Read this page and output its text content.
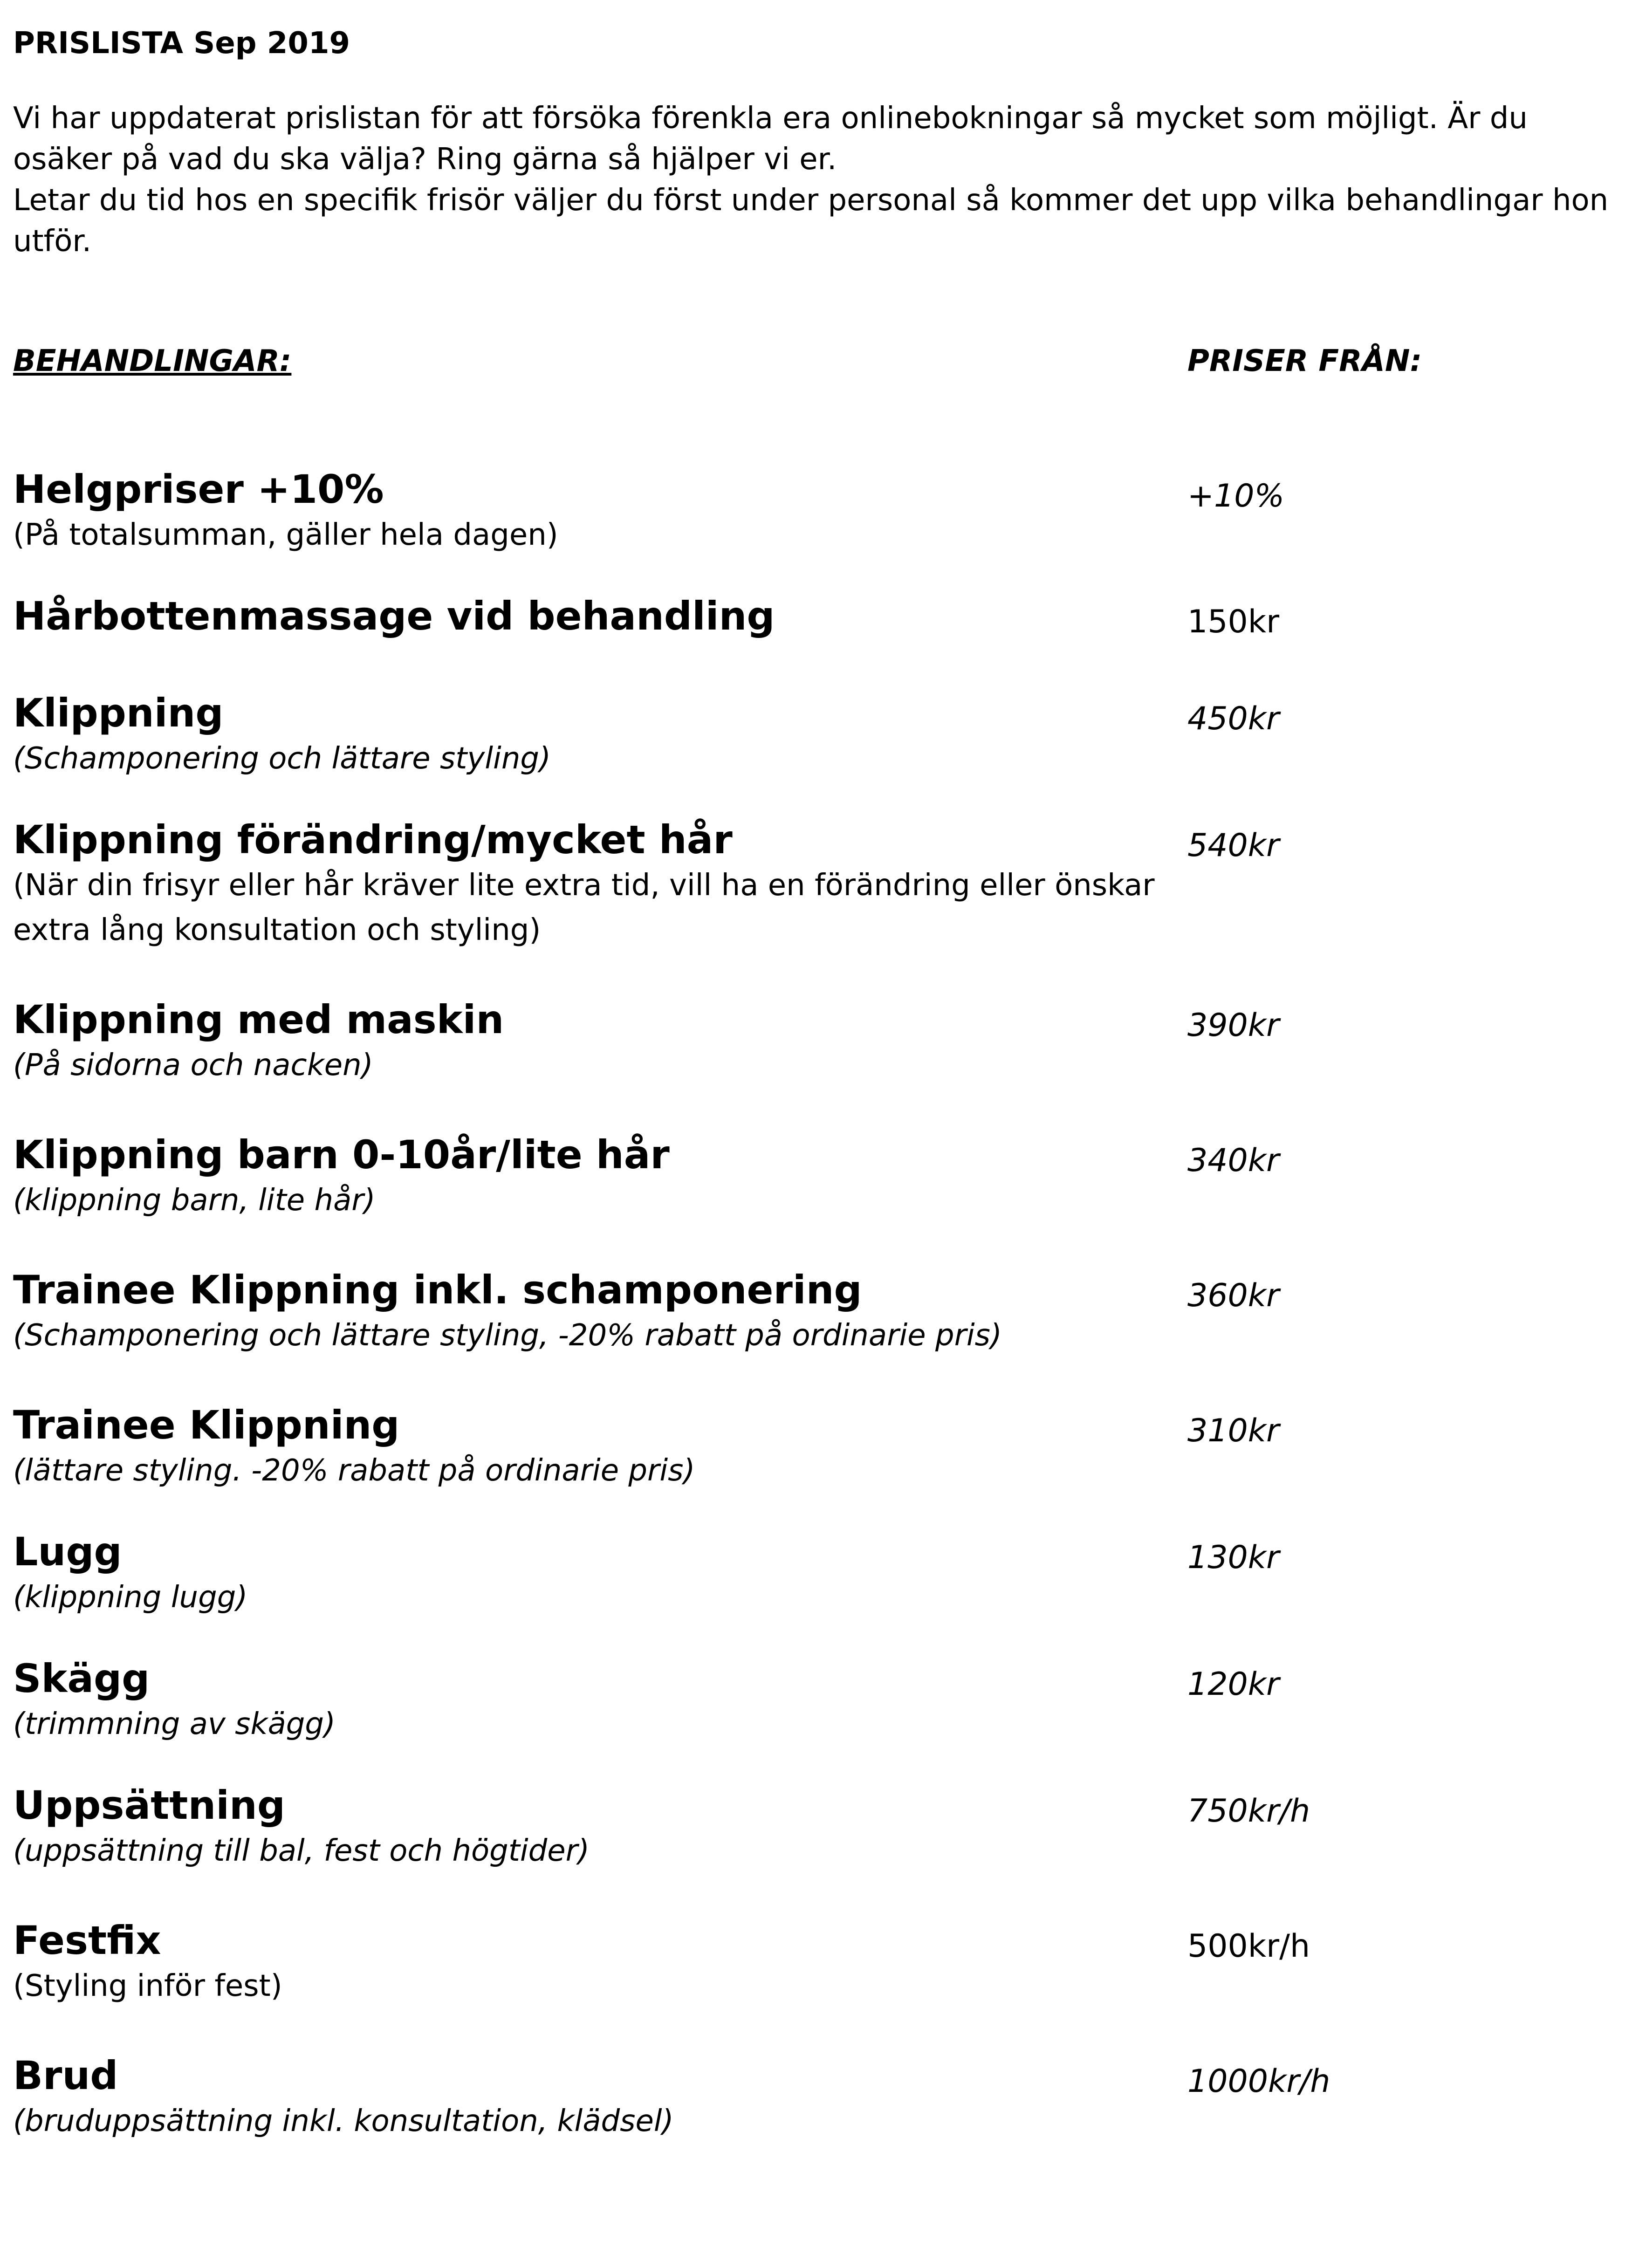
PRISLISTA Sep 2019

Vi har uppdaterat prislistan för att försöka förenkla era onlinebokningar så mycket som möjligt. Är du osäker på vad du ska välja? Ring gärna så hjälper vi er.

Letar du tid hos en specifik frisör väljer du först under personal så kommer det upp vilka behandlingar hon utför.

BEHANDLINGAR:	PRISER FRÅN:
Helgpriser +10%
(På totalsumman, gäller hela dagen)
+10%
Hårbottenmassage vid behandling	150kr
Klippning
(Schamponering och lättare styling)
450kr
Klippning förändring/mycket hår
(När din frisyr eller hår kräver lite extra tid, vill ha en förändring eller önskar extra lång konsultation och styling)
540kr
Klippning med maskin
(På sidorna och nacken)
390kr
Klippning barn 0-10år/lite hår
(klippning barn, lite hår)
340kr
Trainee Klippning inkl. schamponering
(Schamponering och lättare styling, -20% rabatt på ordinarie pris)
360kr
Trainee Klippning
(lättare styling. -20% rabatt på ordinarie pris)
310kr
Lugg
(klippning lugg)
130kr
Skägg
(trimmning av skägg)
120kr
Uppsättning
(uppsättning till bal, fest och högtider)
750kr/h
Festfix
(Styling inför fest)
500kr/h
Brud
(bruduppsättning inkl. konsultation, klädsel)
1000kr/h
